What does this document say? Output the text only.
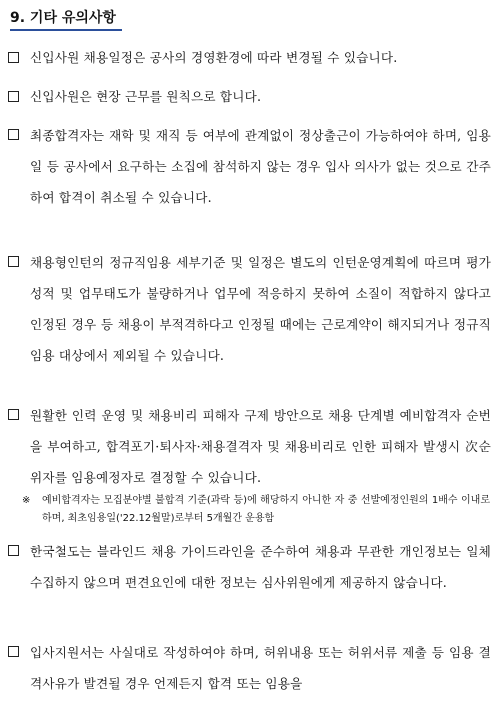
9. 기타 유의사항

신입사원 채용일정은 공사의 경영환경에 따라 변경될 수 있습니다.

신입사원은 현장 근무를 원칙으로 합니다.

최종합격자는 재학 및 재직 등 여부에 관계없이 정상출근이 가능하여야 하며, 임용일 등 공사에서 요구하는 소집에 참석하지 않는 경우 입사 의사가 없는 것으로 간주하여 합격이 취소될 수 있습니다.

채용형인턴의 정규직임용 세부기준 및 일정은 별도의 인턴운영계획에 따르며 평가성적 및 업무태도가 불량하거나 업무에 적응하지 못하여 소질이 적합하지 않다고 인정된 경우 등 채용이 부적격하다고 인정될 때에는 근로계약이 해지되거나 정규직임용 대상에서 제외될 수 있습니다.

원활한 인력 운영 및 채용비리 피해자 구제 방안으로 채용 단계별 예비합격자 순번을 부여하고, 합격포기·퇴사자·채용결격자 및 채용비리로 인한 피해자 발생시 次순위자를 임용예정자로 결정할 수 있습니다.

※ 예비합격자는 모집분야별 불합격 기준(과락 등)에 해당하지 아니한 자 중 선발예정인원의 1배수 이내로 하며, 최초임용일('22.12월말)로부터 5개월간 운용함

한국철도는 블라인드 채용 가이드라인을 준수하여 채용과 무관한 개인정보는 일체 수집하지 않으며 편견요인에 대한 정보는 심사위원에게 제공하지 않습니다.

입사지원서는 사실대로 작성하여야 하며, 허위내용 또는 허위서류 제출 등 임용 결격사유가 발견될 경우 언제든지 합격 또는 임용을
